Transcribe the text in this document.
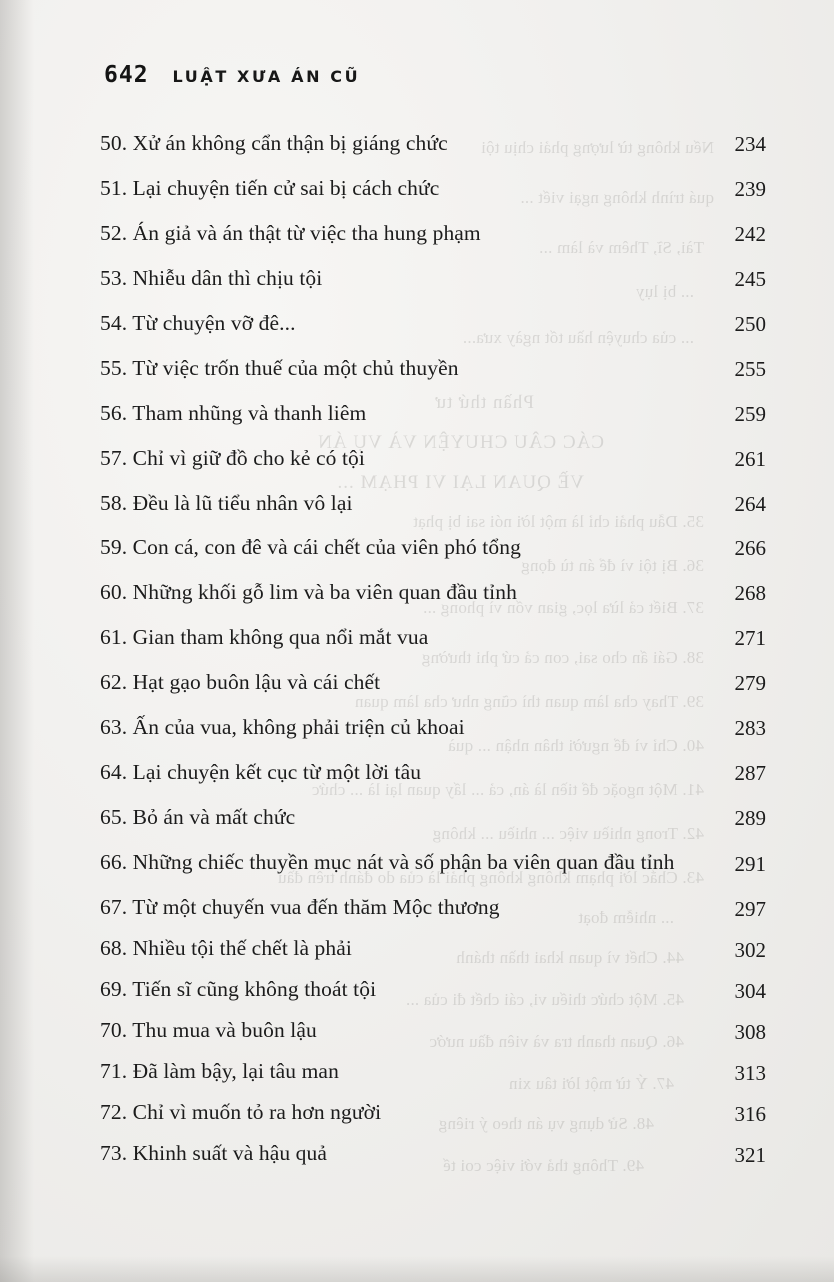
642 LUẬT XƯA ÁN CŨ
50. Xử án không cẩn thận bị giáng chức	234
51. Lại chuyện tiến cử sai bị cách chức	239
52. Án giả và án thật từ việc tha hung phạm	242
53. Nhiễu dân thì chịu tội	245
54. Từ chuyện vỡ đê...	250
55. Từ việc trốn thuế của một chủ thuyền	255
56. Tham nhũng và thanh liêm	259
57. Chỉ vì giữ đồ cho kẻ có tội	261
58. Đều là lũ tiểu nhân vô lại	264
59. Con cá, con đê và cái chết của viên phó tổng	266
60. Những khối gỗ lim và ba viên quan đầu tỉnh	268
61. Gian tham không qua nổi mắt vua	271
62. Hạt gạo buôn lậu và cái chết	279
63. Ấn của vua, không phải triện củ khoai	283
64. Lại chuyện kết cục từ một lời tâu	287
65. Bỏ án và mất chức	289
66. Những chiếc thuyền mục nát và số phận ba viên quan đầu tỉnh	291
67. Từ một chuyến vua đến thăm Mộc thương	297
68. Nhiều tội thế chết là phải	302
69. Tiến sĩ cũng không thoát tội	304
70. Thu mua và buôn lậu	308
71. Đã làm bậy, lại tâu man	313
72. Chỉ vì muốn tỏ ra hơn người	316
73. Khinh suất và hậu quả	321
